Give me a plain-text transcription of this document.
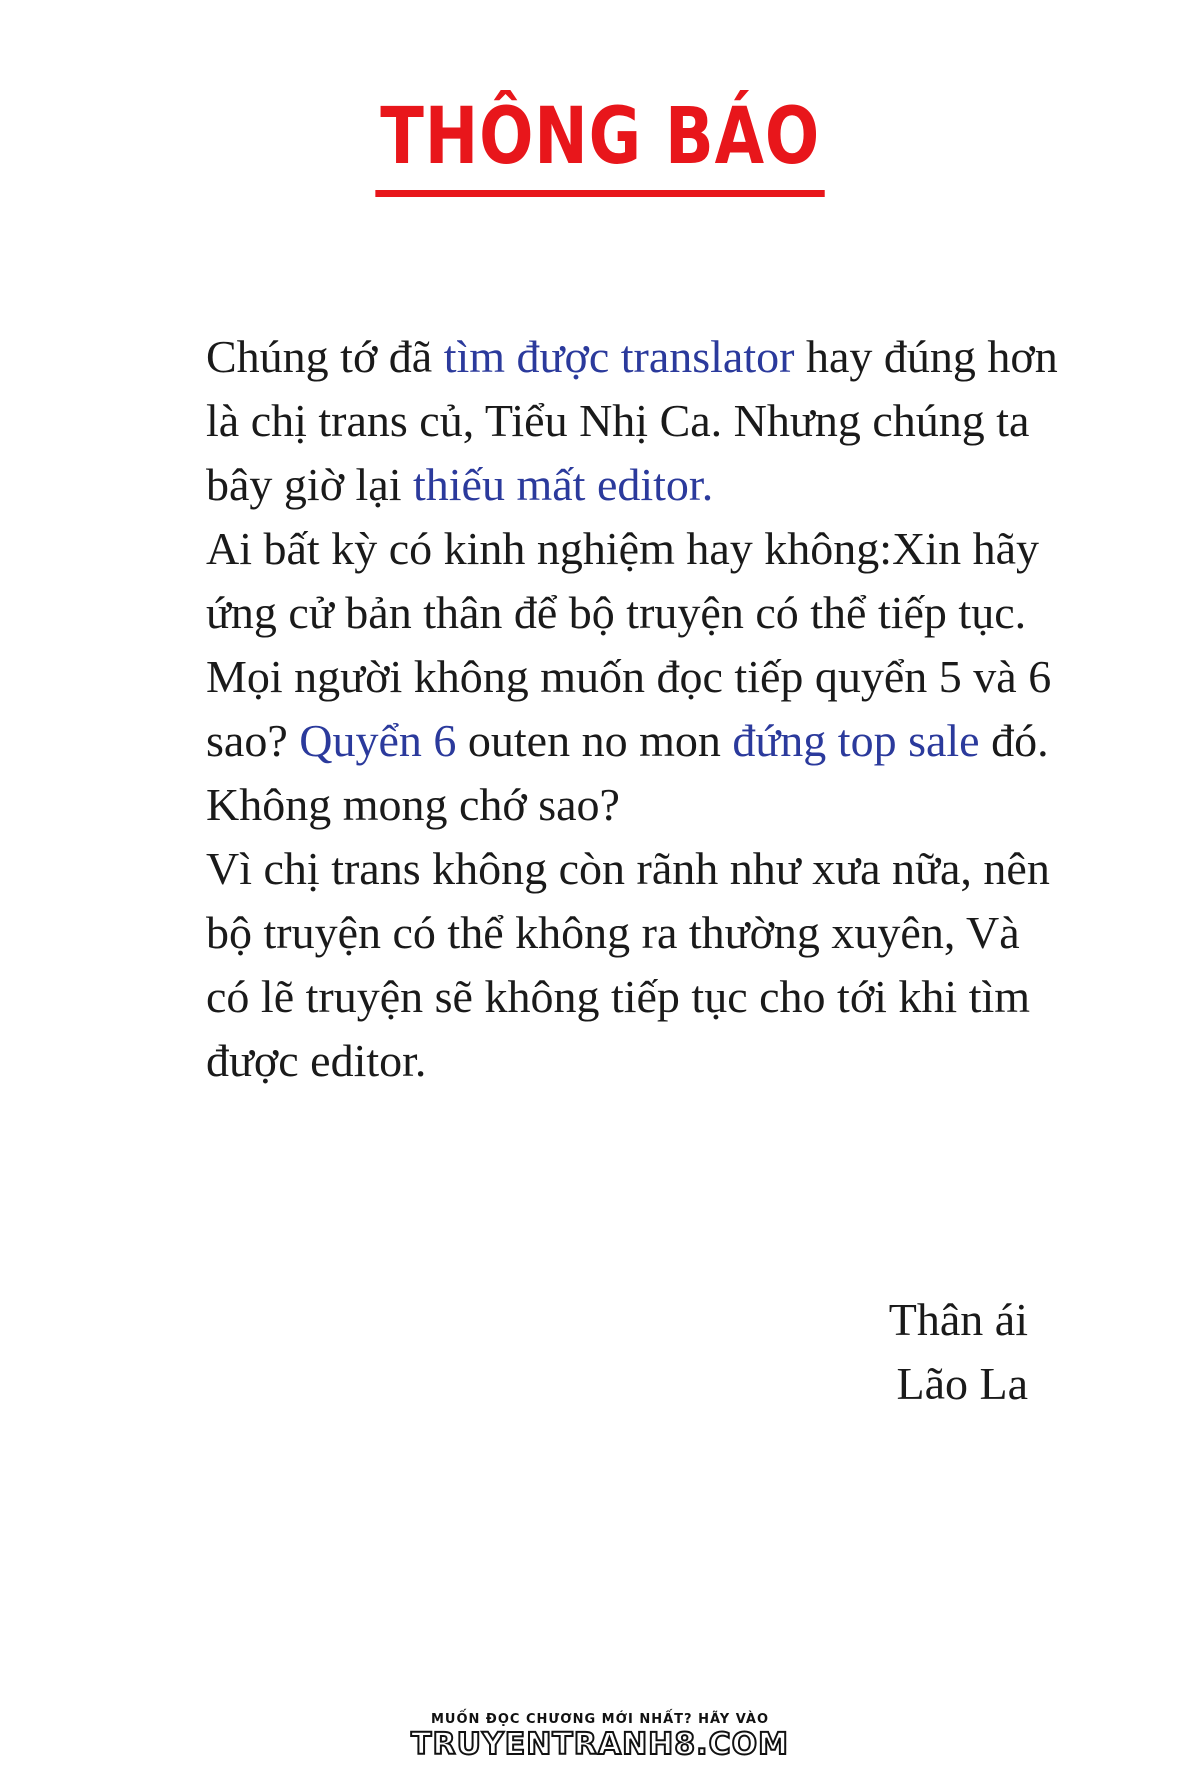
THÔNG BÁO

Chúng tớ đã tìm được translator hay đúng hơn là chị trans củ, Tiểu Nhị Ca. Nhưng chúng ta bây giờ lại thiếu mất editor.

Ai bất kỳ có kinh nghiệm hay không:Xin hãy ứng cử bản thân để bộ truyện có thể tiếp tục. Mọi người không muốn đọc tiếp quyển 5 và 6 sao? Quyển 6 outen no mon đứng top sale đó. Không mong chớ sao?

Vì chị trans không còn rãnh như xưa nữa, nên bộ truyện có thể không ra thường xuyên, Và có lẽ truyện sẽ không tiếp tục cho tới khi tìm được editor.

Thân ái
Lão La
MUỐN ĐỌC CHƯƠNG MỚI NHẤT? HÃY VÀO
TRUYENTRANH8.COM
